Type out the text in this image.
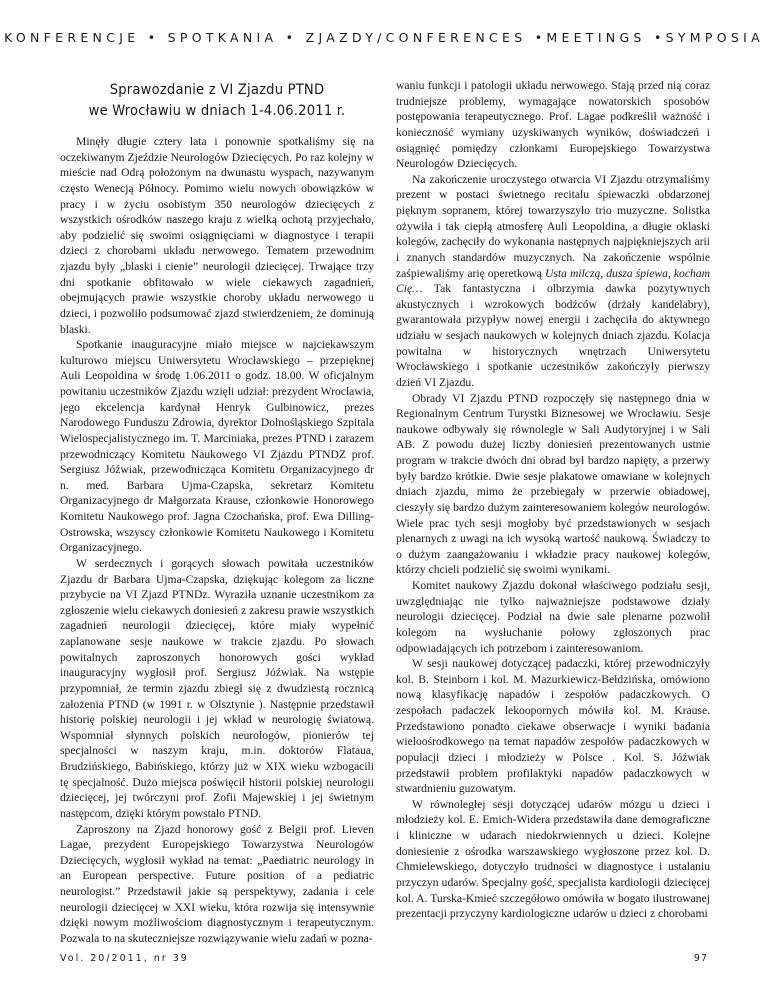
KONFERENCJE • SPOTKANIA • ZJAZDY/CONFERENCES •MEETINGS •SYMPOSIA
Sprawozdanie z VI Zjazdu PTND
we Wrocławiu w dniach 1-4.06.2011 r.

Minęły długie cztery lata i ponownie spotkaliśmy się na oczekiwanym Zjeździe Neurologów Dziecięcych. Po raz kolejny w mieście nad Odrą położonym na dwunastu wyspach, nazywanym często Wenecją Północy. Pomimo wielu nowych obowiązków w pracy i w życiu osobistym 350 neurologów dziecięcych z wszystkich ośrodków naszego kraju z wielką ochotą przyjechało, aby podzielić się swoimi osiągnięciami w diagnostyce i terapii dzieci z chorobami układu nerwowego. Tematem przewodnim zjazdu były „blaski i cienie” neurologii dziecięcej. Trwające trzy dni spotkanie obfitowało w wiele ciekawych zagadnień, obejmujących prawie wszystkie choroby układu nerwowego u dzieci, i pozwoliło podsumować zjazd stwierdzeniem, że dominują blaski.

Spotkanie inauguracyjne miało miejsce w najciekawszym kulturowo miejscu Uniwersytetu Wrocławskiego – przepięknej Auli Leopoldina w środę 1.06.2011 o godz. 18.00. W oficjalnym powitaniu uczestników Zjazdu wzięli udział: prezydent Wrocławia, jego ekcelencja kardynał Henryk Gulbinowicz, prezes Narodowego Funduszu Zdrowia, dyrektor Dolnośląskiego Szpitala Wielospecjalistycznego im. T. Marciniaka, prezes PTND i zarazem przewodniczący Komitetu Naukowego VI Zjazdu PTNDZ prof. Sergiusz Jóźwiak, przewodnicząca Komitetu Organizacyjnego dr n. med. Barbara Ujma-Czapska, sekretarz Komitetu Organizacyjnego dr Małgorzata Krause, członkowie Honorowego Komitetu Naukowego prof. Jagna Czochańska, prof. Ewa Dilling-Ostrowska, wszyscy członkowie Komitetu Naukowego i Komitetu Organizacyjnego.

W serdecznych i gorących słowach powitała uczestników Zjazdu dr Barbara Ujma-Czapska, dziękując kolegom za liczne przybycie na VI Zjazd PTNDz. Wyraziła uznanie uczestnikom za zgłoszenie wielu ciekawych doniesień z zakresu prawie wszystkich zagadnień neurologii dziecięcej, które miały wypełnić zaplanowane sesje naukowe w trakcie zjazdu. Po słowach powitalnych zaproszonych honorowych gości wykład inauguracyjny wygłosił prof. Sergiusz Jóźwiak. Na wstępie przypomniał, że termin zjazdu zbiegł się z dwudziestą rocznicą założenia PTND (w 1991 r. w Olsztynie ). Następnie przedstawił historię polskiej neurologii i jej wkład w neurologię światową. Wspomniał słynnych polskich neurologów, pionierów tej specjalności w naszym kraju, m.in. doktorów Flataua, Brudzińskiego, Babińskiego, którzy już w XIX wieku wzbogacili tę specjalność. Dużo miejsca poświęcił historii polskiej neurologii dziecięcej, jej twórczyni prof. Zofii Majewskiej i jej świetnym następcom, dzięki którym powstało PTND.

Zaproszony na Zjazd honorowy gość z Belgii prof. Lieven Lagae, prezydent Europejskiego Towarzystwa Neurologów Dziecięcych, wygłosił wykład na temat: „Paediatric neurology in an European perspective. Future position of a pediatric neurologist.” Przedstawił jakie są perspektywy, zadania i cele neurologii dziecięcej w XXI wieku, która rozwija się intensywnie dzięki nowym możliwościom diagnostycznym i terapeutycznym. Pozwala to na skuteczniejsze rozwiązywanie wielu zadań w pozna-

waniu funkcji i patologii układu nerwowego. Stają przed nią coraz trudniejsze problemy, wymagające nowatorskich sposobów postępowania terapeutycznego. Prof. Lagae podkreślił ważność i konieczność wymiany uzyskiwanych wyników, doświadczeń i osiągnięć pomiędzy członkami Europejskiego Towarzystwa Neurologów Dziecięcych.

Na zakończenie uroczystego otwarcia VI Zjazdu otrzymaliśmy prezent w postaci świetnego recitalu śpiewaczki obdarzonej pięknym sopranem, której towarzyszyło trio muzyczne. Solistka ożywiła i tak ciepłą atmosferę Auli Leopoldina, a długie oklaski kolegów, zachęciły do wykonania następnych najpiękniejszych arii i znanych standardów muzycznych. Na zakończenie wspólnie zaśpiewaliśmy arię operetkową Usta milczą, dusza śpiewa, kocham Cię… Tak fantastyczna i olbrzymia dawka pozytywnych akustycznych i wzrokowych bodźców (drżały kandelabry), gwarantowała przypływ nowej energii i zachęciła do aktywnego udziału w sesjach naukowych w kolejnych dniach zjazdu. Kolacja powitalna w historycznych wnętrzach Uniwersytetu Wrocławskiego i spotkanie uczestników zakończyły pierwszy dzień VI Zjazdu.

Obrady VI Zjazdu PTND rozpoczęły się następnego dnia w Regionalnym Centrum Turystki Biznesowej we Wrocławiu. Sesje naukowe odbywały się równolegle w Sali Audytoryjnej i w Sali AB. Z powodu dużej liczby doniesień prezentowanych ustnie program w trakcie dwóch dni obrad był bardzo napięty, a przerwy były bardzo krótkie. Dwie sesje plakatowe omawiane w kolejnych dniach zjazdu, mimo że przebiegały w przerwie obiadowej, cieszyły się bardzo dużym zainteresowaniem kolegów neurologów. Wiele prac tych sesji mogłoby być przedstawionych w sesjach plenarnych z uwagi na ich wysoką wartość naukową. Świadczy to o dużym zaangażowaniu i wkładzie pracy naukowej kolegów, którzy chcieli podzielić się swoimi wynikami.

Komitet naukowy Zjazdu dokonał właściwego podziału sesji, uwzględniając nie tylko najważniejsze podstawowe działy neurologii dziecięcej. Podział na dwie sale plenarne pozwolił kolegom na wysłuchanie połowy zgłoszonych prac odpowiadających ich potrzebom i zainteresowaniom.

W sesji naukowej dotyczącej padaczki, której przewodniczyły kol. B. Steinborn i kol. M. Mazurkiewicz-Bełdzińska, omówiono nową klasyfikację napadów i zespołów padaczkowych. O zespołach padaczek lekoopornych mówiła kol. M. Krause. Przedstawiono ponadto ciekawe obserwacje i wyniki badania wieloośrodkowego na temat napadów zespołów padaczkowych w populacji dzieci i młodzieży w Polsce . Kol. S. Jóźwiak przedstawił problem profilaktyki napadów padaczkowych w stwardnieniu guzowatym.

W równoległej sesji dotyczącej udarów mózgu u dzieci i młodzieży kol. E. Emich-Widera przedstawiła dane demograficzne i kliniczne w udarach niedokrwiennych u dzieci. Kolejne doniesienie z ośrodka warszawskiego wygłoszone przez kol. D. Chmielewskiego, dotyczyło trudności w diagnostyce i ustalaniu przyczyn udarów. Specjalny gość, specjalista kardiologii dziecięcej kol. A. Turska-Kmieć szczegółowo omówiła w bogato ilustrowanej prezentacji przyczyny kardiologiczne udarów u dzieci z chorobami

Vol. 20/2011, nr 39	97
